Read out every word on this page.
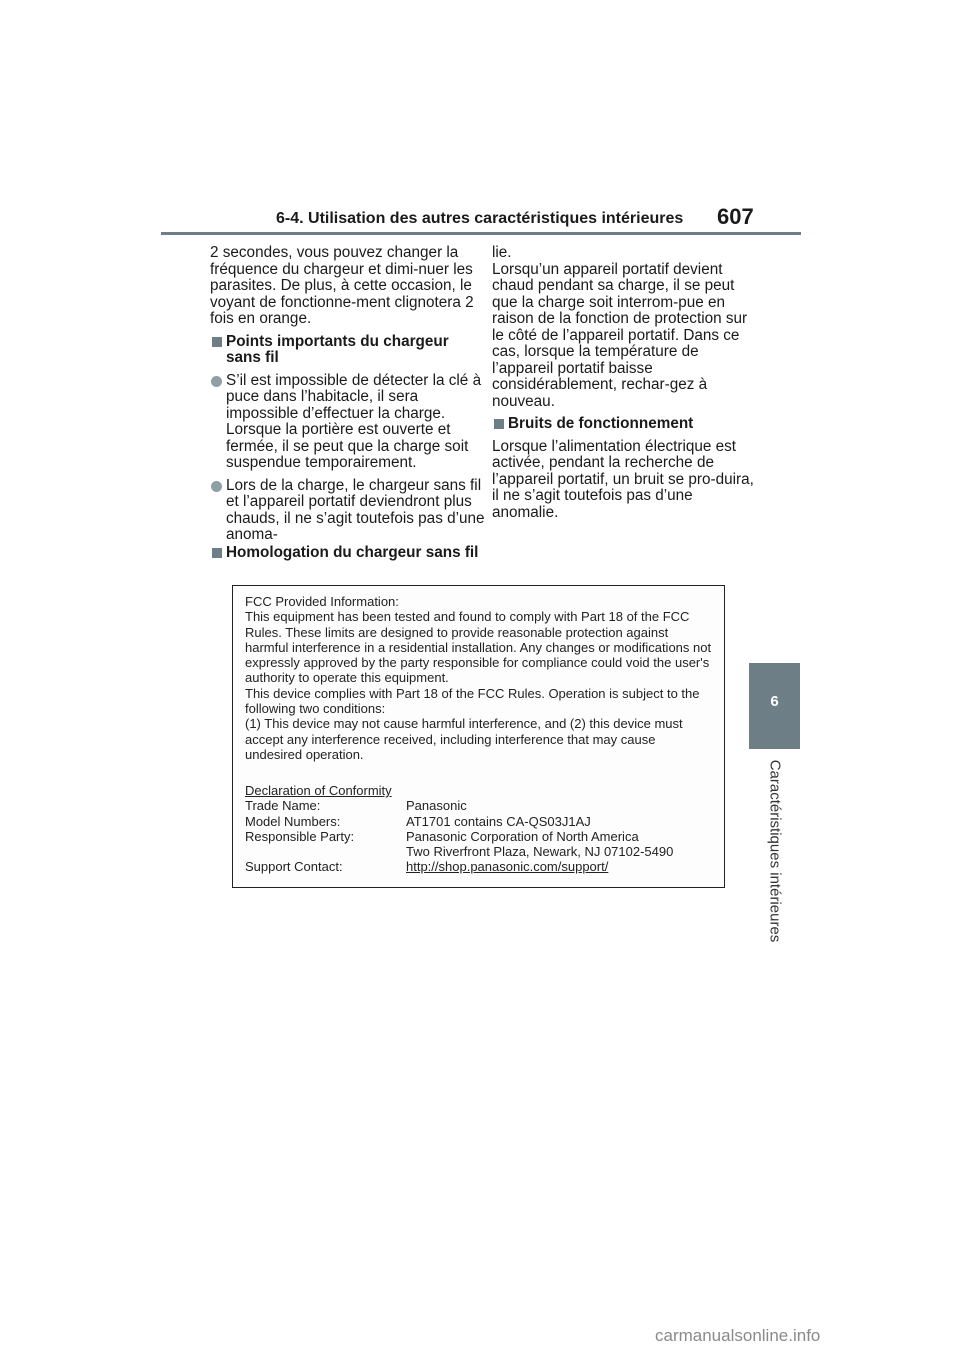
6-4. Utilisation des autres caractéristiques intérieures 607
6
Caractéristiques intérieures

2 secondes, vous pouvez changer la fréquence du chargeur et dimi-nuer les parasites. De plus, à cette occasion, le voyant de fonctionne-ment clignotera 2 fois en orange.

Points importants du chargeur sans fil
S’il est impossible de détecter la clé à puce dans l’habitacle, il sera impossible d’effectuer la charge. Lorsque la portière est ouverte et fermée, il se peut que la charge soit suspendue temporairement.
Lors de la charge, le chargeur sans fil et l’appareil portatif deviendront plus chauds, il ne s’agit toutefois pas d’une anoma-

lie.

Lorsqu’un appareil portatif devient chaud pendant sa charge, il se peut que la charge soit interrom-pue en raison de la fonction de protection sur le côté de l’appareil portatif. Dans ce cas, lorsque la température de l’appareil portatif baisse considérablement, rechar-gez à nouveau.

Bruits de fonctionnement

Lorsque l’alimentation électrique est activée, pendant la recherche de l’appareil portatif, un bruit se pro-duira, il ne s’agit toutefois pas d’une anomalie.

Homologation du chargeur sans fil

FCC Provided Information:

This equipment has been tested and found to comply with Part 18 of the FCC Rules. These limits are designed to provide reasonable protection against harmful interference in a residential installation. Any changes or modifications not expressly approved by the party responsible for compliance could void the user's authority to operate this equipment.

This device complies with Part 18 of the FCC Rules. Operation is subject to the following two conditions:

(1) This device may not cause harmful interference, and (2) this device must accept any interference received, including interference that may cause undesired operation.

Declaration of Conformity
Trade Name:	Panasonic
Model Numbers:	AT1701 contains CA-QS03J1AJ
Responsible Party:	Panasonic Corporation of North America
Two Riverfront Plaza, Newark, NJ 07102-5490
Support Contact:	http://shop.panasonic.com/support/
carmanualsonline.info
